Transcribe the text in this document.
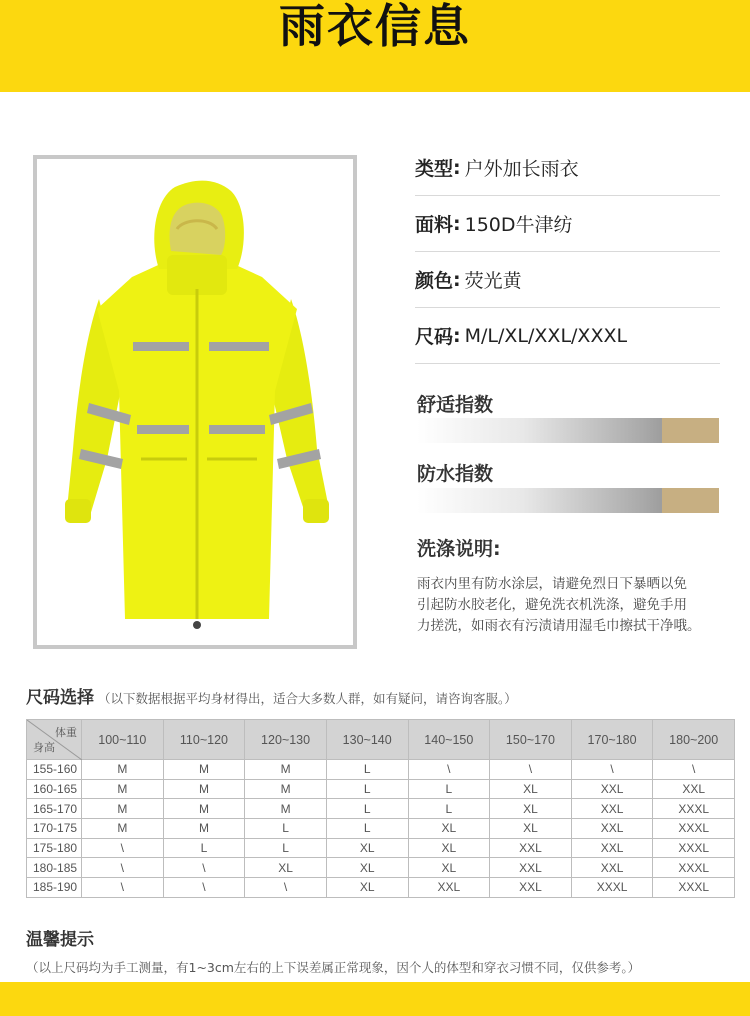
雨衣信息
类型 : 户外加长雨衣
面料 : 150D牛津纺
颜色 : 荧光黄
尺码 : M/L/XL/XXL/XXXL
舒适指数
防水指数
洗涤说明:
雨衣内里有防水涂层，请避免烈日下暴晒以免
引起防水胶老化，避免洗衣机洗涤，避免手用
力搓洗，如雨衣有污渍请用湿毛巾擦拭干净哦。
尺码选择 （以下数据根据平均身材得出，适合大多数人群，如有疑问，请咨询客服。）
体重
身高	100~110	110~120	120~130	130~140	140~150	150~170	170~180	180~200
155-160	M	M	M	L	\	\	\	\
160-165	M	M	M	L	L	XL	XXL	XXL
165-170	M	M	M	L	L	XL	XXL	XXXL
170-175	M	M	L	L	XL	XL	XXL	XXXL
175-180	\	L	L	XL	XL	XXL	XXL	XXXL
180-185	\	\	XL	XL	XL	XXL	XXL	XXXL
185-190	\	\	\	XL	XXL	XXL	XXXL	XXXL
温馨提示
（以上尺码均为手工测量，有1~3cm左右的上下误差属正常现象，因个人的体型和穿衣习惯不同，仅供参考。）
